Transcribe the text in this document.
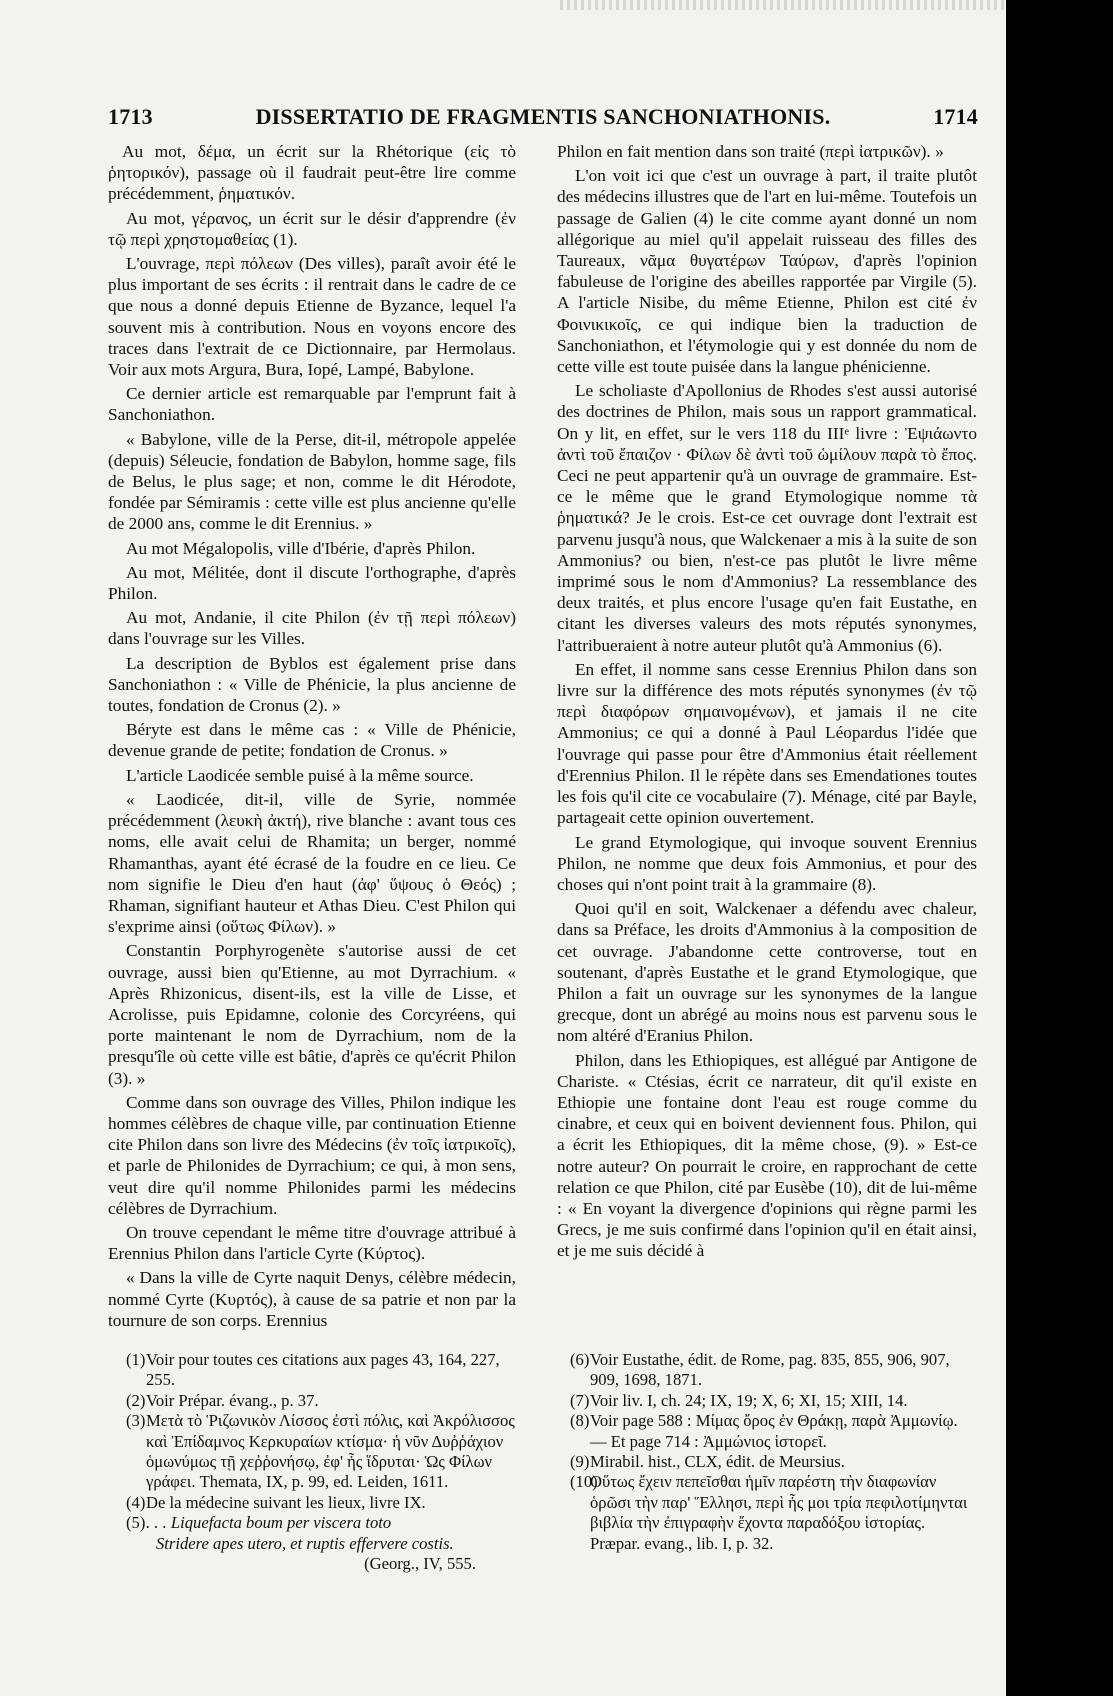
1713	DISSERTATIO DE FRAGMENTIS SANCHONIATHONIS.	1714

Au mot, δέμα, un écrit sur la Rhétorique (εἰς τὸ ῥητορικόν), passage où il faudrait peut-être lire comme précédemment, ῥηματικόν.

Au mot, γέρανος, un écrit sur le désir d'apprendre (ἐν τῷ περὶ χρηστομαθείας (1).

L'ouvrage, περὶ πόλεων (Des villes), paraît avoir été le plus important de ses écrits : il rentrait dans le cadre de ce que nous a donné depuis Etienne de Byzance, lequel l'a souvent mis à contribution. Nous en voyons encore des traces dans l'extrait de ce Dictionnaire, par Hermolaus. Voir aux mots Argura, Bura, Iopé, Lampé, Babylone.

Ce dernier article est remarquable par l'emprunt fait à Sanchoniathon.

« Babylone, ville de la Perse, dit-il, métropole appelée (depuis) Séleucie, fondation de Babylon, homme sage, fils de Belus, le plus sage; et non, comme le dit Hérodote, fondée par Sémiramis : cette ville est plus ancienne qu'elle de 2000 ans, comme le dit Erennius. »

Au mot Mégalopolis, ville d'Ibérie, d'après Philon.

Au mot, Mélitée, dont il discute l'orthographe, d'après Philon.

Au mot, Andanie, il cite Philon (ἐν τῇ περὶ πόλεων) dans l'ouvrage sur les Villes.

La description de Byblos est également prise dans Sanchoniathon : « Ville de Phénicie, la plus ancienne de toutes, fondation de Cronus (2). »

Béryte est dans le même cas : « Ville de Phénicie, devenue grande de petite; fondation de Cronus. »

L'article Laodicée semble puisé à la même source.

« Laodicée, dit-il, ville de Syrie, nommée précédemment (λευκὴ ἀκτή), rive blanche : avant tous ces noms, elle avait celui de Rhamita; un berger, nommé Rhamanthas, ayant été écrasé de la foudre en ce lieu. Ce nom signifie le Dieu d'en haut (ἀφ' ὕψους ὁ Θεός) ; Rhaman, signifiant hauteur et Athas Dieu. C'est Philon qui s'exprime ainsi (οὕτως Φίλων). »

Constantin Porphyrogenète s'autorise aussi de cet ouvrage, aussi bien qu'Etienne, au mot Dyrrachium. « Après Rhizonicus, disent-ils, est la ville de Lisse, et Acrolisse, puis Epidamne, colonie des Corcyréens, qui porte maintenant le nom de Dyrrachium, nom de la presqu'île où cette ville est bâtie, d'après ce qu'écrit Philon (3). »

Comme dans son ouvrage des Villes, Philon indique les hommes célèbres de chaque ville, par continuation Etienne cite Philon dans son livre des Médecins (ἐν τοῖς ἰατρικοῖς), et parle de Philonides de Dyrrachium; ce qui, à mon sens, veut dire qu'il nomme Philonides parmi les médecins célèbres de Dyrrachium.

On trouve cependant le même titre d'ouvrage attribué à Erennius Philon dans l'article Cyrte (Κύρτος).

« Dans la ville de Cyrte naquit Denys, célèbre médecin, nommé Cyrte (Κυρτός), à cause de sa patrie et non par la tournure de son corps. Erennius

Philon en fait mention dans son traité (περὶ ἰατρικῶν). »

L'on voit ici que c'est un ouvrage à part, il traite plutôt des médecins illustres que de l'art en lui-même. Toutefois un passage de Galien (4) le cite comme ayant donné un nom allégorique au miel qu'il appelait ruisseau des filles des Taureaux, νᾶμα θυγατέρων Ταύρων, d'après l'opinion fabuleuse de l'origine des abeilles rapportée par Virgile (5). A l'article Nisibe, du même Etienne, Philon est cité ἐν Φοινικικοῖς, ce qui indique bien la traduction de Sanchoniathon, et l'étymologie qui y est donnée du nom de cette ville est toute puisée dans la langue phénicienne.

Le scholiaste d'Apollonius de Rhodes s'est aussi autorisé des doctrines de Philon, mais sous un rapport grammatical. On y lit, en effet, sur le vers 118 du IIIᵉ livre : Ἐψιάωντο ἀντὶ τοῦ ἔπαιζον · Φίλων δὲ ἀντὶ τοῦ ὡμίλουν παρὰ τὸ ἔπος. Ceci ne peut appartenir qu'à un ouvrage de grammaire. Est-ce le même que le grand Etymologique nomme τὰ ῥηματικά? Je le crois. Est-ce cet ouvrage dont l'extrait est parvenu jusqu'à nous, que Walckenaer a mis à la suite de son Ammonius? ou bien, n'est-ce pas plutôt le livre même imprimé sous le nom d'Ammonius? La ressemblance des deux traités, et plus encore l'usage qu'en fait Eustathe, en citant les diverses valeurs des mots réputés synonymes, l'attribueraient à notre auteur plutôt qu'à Ammonius (6).

En effet, il nomme sans cesse Erennius Philon dans son livre sur la différence des mots réputés synonymes (ἐν τῷ περὶ διαφόρων σημαινομένων), et jamais il ne cite Ammonius; ce qui a donné à Paul Léopardus l'idée que l'ouvrage qui passe pour être d'Ammonius était réellement d'Erennius Philon. Il le répète dans ses Emendationes toutes les fois qu'il cite ce vocabulaire (7). Ménage, cité par Bayle, partageait cette opinion ouvertement.

Le grand Etymologique, qui invoque souvent Erennius Philon, ne nomme que deux fois Ammonius, et pour des choses qui n'ont point trait à la grammaire (8).

Quoi qu'il en soit, Walckenaer a défendu avec chaleur, dans sa Préface, les droits d'Ammonius à la composition de cet ouvrage. J'abandonne cette controverse, tout en soutenant, d'après Eustathe et le grand Etymologique, que Philon a fait un ouvrage sur les synonymes de la langue grecque, dont un abrégé au moins nous est parvenu sous le nom altéré d'Eranius Philon.

Philon, dans les Ethiopiques, est allégué par Antigone de Chariste. « Ctésias, écrit ce narrateur, dit qu'il existe en Ethiopie une fontaine dont l'eau est rouge comme du cinabre, et ceux qui en boivent deviennent fous. Philon, qui a écrit les Ethiopiques, dit la même chose, (9). » Est-ce notre auteur? On pourrait le croire, en rapprochant de cette relation ce que Philon, cité par Eusèbe (10), dit de lui-même : « En voyant la divergence d'opinions qui règne parmi les Grecs, je me suis confirmé dans l'opinion qu'il en était ainsi, et je me suis décidé à

(1) Voir pour toutes ces citations aux pages 43, 164, 227, 255.

(2) Voir Prépar. évang., p. 37.

(3) Μετὰ τὸ Ῥιζωνικὸν Λίσσος ἐστὶ πόλις, καὶ Ἀκρόλισσος καὶ Ἐπίδαμνος Κερκυραίων κτίσμα· ἡ νῦν Δυῤῥάχιον ὁμωνύμως τῇ χεῤῥονήσῳ, ἐφ' ἧς ἵδρυται· Ὡς Φίλων γράφει. Themata, IX, p. 99, ed. Leiden, 1611.

(4) De la médecine suivant les lieux, livre IX.

(5) . . . Liquefacta boum per viscera toto

Stridere apes utero, et ruptis effervere costis.

(Georg., IV, 555.

(6) Voir Eustathe, édit. de Rome, pag. 835, 855, 906, 907, 909, 1698, 1871.

(7) Voir liv. I, ch. 24; IX, 19; X, 6; XI, 15; XIII, 14.

(8) Voir page 588 : Μίμας ὄρος ἐν Θράκῃ, παρὰ Ἀμμωνίῳ. — Et page 714 : Ἀμμώνιος ἱστορεῖ.

(9) Mirabil. hist., CLX, édit. de Meursius.

(10)
Οὕτως ἔχειν πεπεῖσθαι ἡμῖν παρέστη τὴν διαφωνίαν ὁρῶσι τὴν παρ' Ἕλλησι, περὶ ἧς μοι τρία πεφιλοτίμηνται βιβλία τὴν ἐπιγραφὴν ἔχοντα παραδόξου ἱστορίας. Præpar. evang., lib. I, p. 32.
